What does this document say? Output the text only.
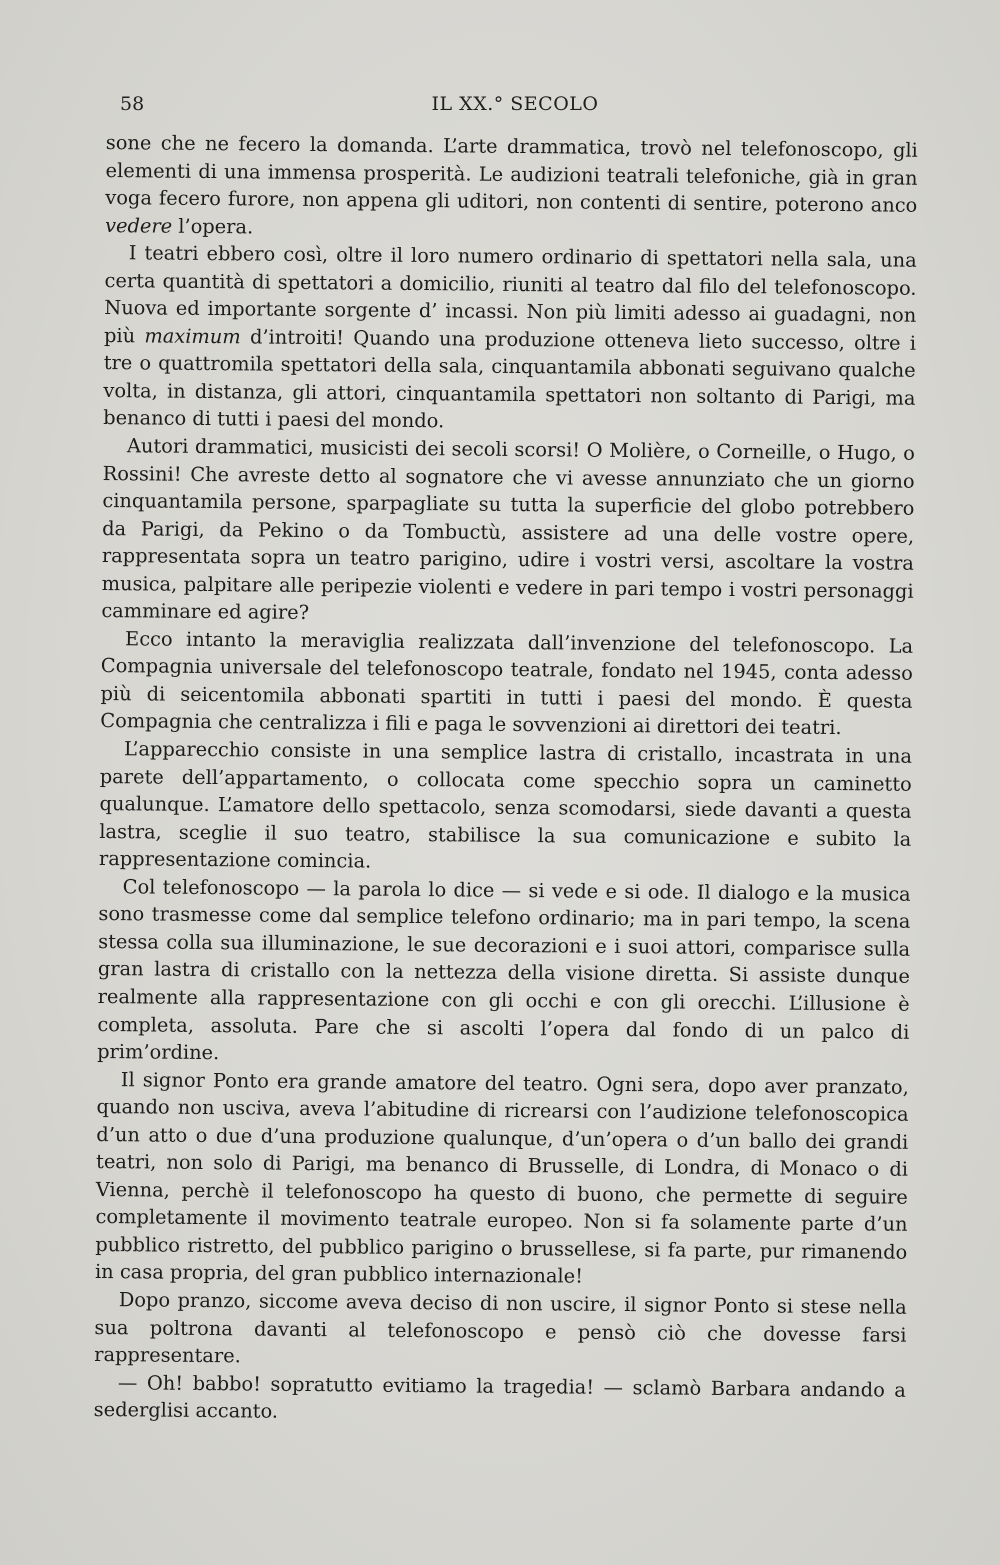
58	IL XX.° SECOLO

sone che ne fecero la domanda. L’arte drammatica, trovò nel telefonoscopo, gli elementi di una immensa prosperità. Le audizioni teatrali telefoniche, già in gran voga fecero furore, non appena gli uditori, non contenti di sentire, poterono anco vedere l’opera.

I teatri ebbero così, oltre il loro numero ordinario di spettatori nella sala, una certa quantità di spettatori a domicilio, riuniti al teatro dal filo del telefonoscopo. Nuova ed importante sorgente d’ incassi. Non più limiti adesso ai guadagni, non più maximum d’introiti! Quando una produzione otteneva lieto successo, oltre i tre o quattromila spettatori della sala, cinquantamila abbonati seguivano qualche volta, in distanza, gli attori, cinquantamila spettatori non soltanto di Parigi, ma benanco di tutti i paesi del mondo.

Autori drammatici, musicisti dei secoli scorsi! O Molière, o Corneille, o Hugo, o Rossini! Che avreste detto al sognatore che vi avesse annunziato che un giorno cinquantamila persone, sparpagliate su tutta la superficie del globo potrebbero da Parigi, da Pekino o da Tombuctù, assistere ad una delle vostre opere, rappresentata sopra un teatro parigino, udire i vostri versi, ascoltare la vostra musica, palpitare alle peripezie violenti e vedere in pari tempo i vostri personaggi camminare ed agire?

Ecco intanto la meraviglia realizzata dall’invenzione del telefonoscopo. La Compagnia universale del telefonoscopo teatrale, fondato nel 1945, conta adesso più di seicentomila abbonati spartiti in tutti i paesi del mondo. È questa Compagnia che centralizza i fili e paga le sovvenzioni ai direttori dei teatri.

L’apparecchio consiste in una semplice lastra di cristallo, incastrata in una parete dell’appartamento, o collocata come specchio sopra un caminetto qualunque. L’amatore dello spettacolo, senza scomodarsi, siede davanti a questa lastra, sceglie il suo teatro, stabilisce la sua comunicazione e subito la rappresentazione comincia.

Col telefonoscopo — la parola lo dice — si vede e si ode. Il dialogo e la musica sono trasmesse come dal semplice telefono ordinario; ma in pari tempo, la scena stessa colla sua illuminazione, le sue decorazioni e i suoi attori, comparisce sulla gran lastra di cristallo con la nettezza della visione diretta. Si assiste dunque realmente alla rappresentazione con gli occhi e con gli orecchi. L’illusione è completa, assoluta. Pare che si ascolti l’opera dal fondo di un palco di prim’ordine.

Il signor Ponto era grande amatore del teatro. Ogni sera, dopo aver pranzato, quando non usciva, aveva l’abitudine di ricrearsi con l’audizione telefonoscopica d’un atto o due d’una produzione qualunque, d’un’opera o d’un ballo dei grandi teatri, non solo di Parigi, ma benanco di Brusselle, di Londra, di Monaco o di Vienna, perchè il telefonoscopo ha questo di buono, che permette di seguire completamente il movimento teatrale europeo. Non si fa solamente parte d’un pubblico ristretto, del pubblico parigino o brussellese, si fa parte, pur rimanendo in casa propria, del gran pubblico internazionale!

Dopo pranzo, siccome aveva deciso di non uscire, il signor Ponto si stese nella sua poltrona davanti al telefonoscopo e pensò ciò che dovesse farsi rappresentare.

— Oh! babbo! sopratutto evitiamo la tragedia! — sclamò Barbara andando a sederglisi accanto.
